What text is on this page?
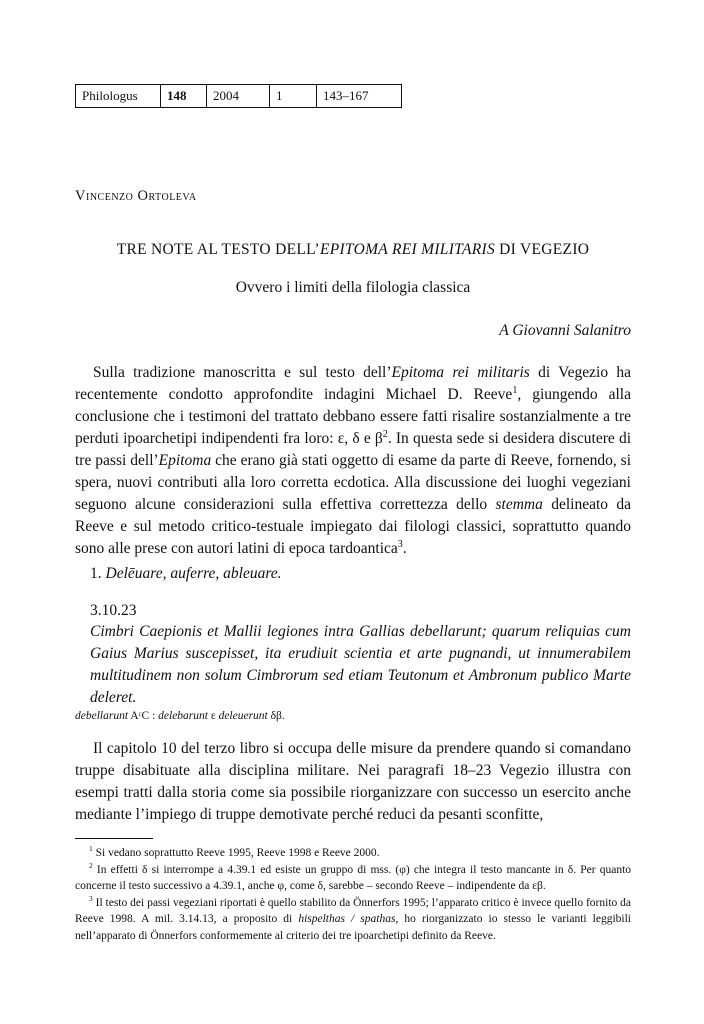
Philologus	148	2004	1	143–167
Vincenzo Ortoleva
TRE NOTE AL TESTO DELL’EPITOMA REI MILITARIS DI VEGEZIO
Ovvero i limiti della filologia classica
A Giovanni Salanitro
Sulla tradizione manoscritta e sul testo dell’Epitoma rei militaris di Vegezio ha recentemente condotto approfondite indagini Michael D. Reeve$^1$, giungendo alla conclusione che i testimoni del trattato debbano essere fatti risalire sostanzialmente a tre perduti ipoarchetipi indipendenti fra loro: ε, δ e $\beta^2$. In questa sede si desidera discutere di tre passi dell’Epitoma che erano già stati oggetto di esame da parte di Reeve, fornendo, si spera, nuovi contributi alla loro corretta ecdotica. Alla discussione dei luoghi vegeziani seguono alcune considerazioni sulla effettiva correttezza dello stemma delineato da Reeve e sul metodo critico-testuale impiegato dai filologi classici, soprattutto quando sono alle prese con autori latini di epoca tardoantica$^3$.
1. Delēuare, auferre, ableuare.
3.10.23
Cimbri Caepionis et Mallii legiones intra Gallias debellarunt; quarum reliquias cum Gaius Marius suscepisset, ita erudiuit scientia et arte pugnandi, ut innumerabilem multitudinem non solum Cimbrorum sed etiam Teutonum et Ambronum publico Marte deleret.
debellarunt AᶜC : delebarunt ε deleuerunt δβ.
Il capitolo 10 del terzo libro si occupa delle misure da prendere quando si comandano truppe disabituate alla disciplina militare. Nei paragrafi 18–23 Vegezio illustra con esempi tratti dalla storia come sia possibile riorganizzare con successo un esercito anche mediante l’impiego di truppe demotivate perché reduci da pesanti sconfitte,

$^1$ Si vedano soprattutto Reeve 1995, Reeve 1998 e Reeve 2000.

$^2$ In effetti δ si interrompe a 4.39.1 ed esiste un gruppo di mss. (φ) che integra il testo mancante in δ. Per quanto concerne il testo successivo a 4.39.1, anche φ, come δ, sarebbe – secondo Reeve – indipendente da εβ.

$^3$ Il testo dei passi vegeziani riportati è quello stabilito da Önnerfors 1995; l’apparato critico è invece quello fornito da Reeve 1998. A mil. 3.14.13, a proposito di hispelthas / spathas, ho riorganizzato io stesso le varianti leggibili nell’apparato di Önnerfors conformemente al criterio dei tre ipoarchetipi definito da Reeve.
